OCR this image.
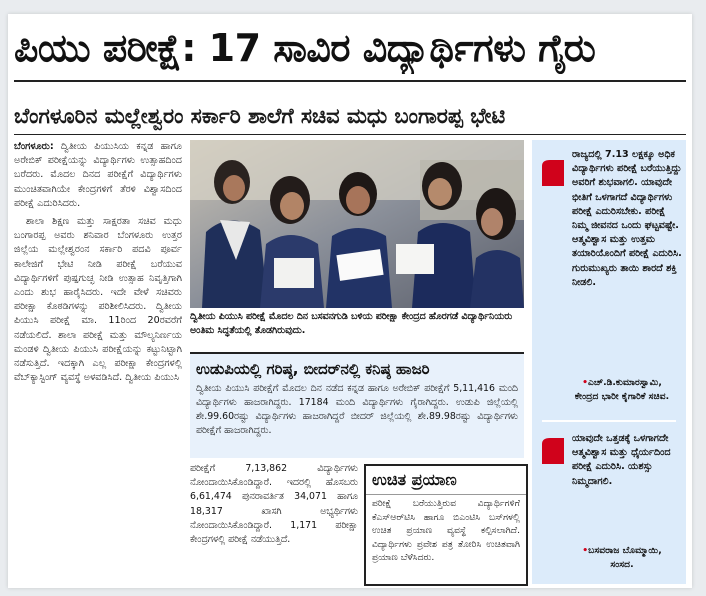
ಪಿಯು ಪರೀಕ್ಷೆ: 17 ಸಾವಿರ ವಿದ್ಯಾರ್ಥಿಗಳು ಗೈರು
ಬೆಂಗಳೂರಿನ ಮಲ್ಲೇಶ್ವರಂ ಸರ್ಕಾರಿ ಶಾಲೆಗೆ ಸಚಿವ ಮಧು ಬಂಗಾರಪ್ಪ ಭೇಟಿ
ಬೆಂಗಳೂರು: ದ್ವಿತೀಯ ಪಿಯುಸಿಯ ಕನ್ನಡ ಹಾಗೂ ಅರೇಬಿಕ್ ಪರೀಕ್ಷೆಯನ್ನು ವಿದ್ಯಾರ್ಥಿಗಳು ಉತ್ಸಾಹದಿಂದ ಬರೆದರು. ಮೊದಲ ದಿನದ ಪರೀಕ್ಷೆಗೆ ವಿದ್ಯಾರ್ಥಿಗಳು ಮುಂಚಿತವಾಗಿಯೇ ಕೇಂದ್ರಗಳಿಗೆ ತೆರಳಿ ವಿಶ್ವಾಸದಿಂದ ಪರೀಕ್ಷೆ ಎದುರಿಸಿದರು.
ಶಾಲಾ ಶಿಕ್ಷಣ ಮತ್ತು ಸಾಕ್ಷರತಾ ಸಚಿವ ಮಧು ಬಂಗಾರಪ್ಪ ಅವರು ಶನಿವಾರ ಬೆಂಗಳೂರು ಉತ್ತರ ಜಿಲ್ಲೆಯ ಮಲ್ಲೇಶ್ವರಂನ ಸರ್ಕಾರಿ ಪದವಿ ಪೂರ್ವ ಕಾಲೇಜಿಗೆ ಭೇಟಿ ನೀಡಿ ಪರೀಕ್ಷೆ ಬರೆಯುವ ವಿದ್ಯಾರ್ಥಿಗಳಿಗೆ ಪುಷ್ಪಗುಚ್ಛ ನೀಡಿ ಉತ್ಸಾಹ ನಿವೃತ್ತಿಗಾಗಿ ಎಂದು ಶುಭ ಹಾರೈಸಿದರು. ಇದೇ ವೇಳೆ ಸಚಿವರು ಪರೀಕ್ಷಾ ಕೊಠಡಿಗಳನ್ನು ಪರಿಶೀಲಿಸಿದರು. ದ್ವಿತೀಯ ಪಿಯುಸಿ ಪರೀಕ್ಷೆ ಮಾ. 11ರಿಂದ 20ರವರೆಗೆ ನಡೆಯಲಿದೆ. ಶಾಲಾ ಪರೀಕ್ಷೆ ಮತ್ತು ಮೌಲ್ಯನಿರ್ಣಯ ಮಂಡಳಿ ದ್ವಿತೀಯ ಪಿಯುಸಿ ಪರೀಕ್ಷೆಯನ್ನು ಕಟ್ಟುನಿಟ್ಟಾಗಿ ನಡೆಸುತ್ತಿದೆ. ಇದಕ್ಕಾಗಿ ಎಲ್ಲ ಪರೀಕ್ಷಾ ಕೇಂದ್ರಗಳಲ್ಲಿ ವೆಬ್‌ಕ್ಯಾಸ್ಟಿಂಗ್ ವ್ಯವಸ್ಥೆ ಅಳವಡಿಸಿದೆ. ದ್ವಿತೀಯ ಪಿಯುಸಿ
ದ್ವಿತೀಯ ಪಿಯುಸಿ ಪರೀಕ್ಷೆ ಮೊದಲ ದಿನ ಬಸವನಗುಡಿ ಬಳಿಯ ಪರೀಕ್ಷಾ ಕೇಂದ್ರದ ಹೊರಗಡೆ ವಿದ್ಯಾರ್ಥಿನಿಯರು ಅಂತಿಮ ಸಿದ್ಧತೆಯಲ್ಲಿ ತೊಡಗಿರುವುದು.
ಉಡುಪಿಯಲ್ಲಿ ಗರಿಷ್ಠ, ಬೀದರ್‌ನಲ್ಲಿ ಕನಿಷ್ಠ ಹಾಜರಿ

ದ್ವಿತೀಯ ಪಿಯುಸಿ ಪರೀಕ್ಷೆಗೆ ಮೊದಲ ದಿನ ನಡೆದ ಕನ್ನಡ ಹಾಗೂ ಅರೇಬಿಕ್ ಪರೀಕ್ಷೆಗೆ 5,11,416 ಮಂದಿ ವಿದ್ಯಾರ್ಥಿಗಳು ಹಾಜರಾಗಿದ್ದರು. 17184 ಮಂದಿ ವಿದ್ಯಾರ್ಥಿಗಳು ಗೈರಾಗಿದ್ದರು. ಉಡುಪಿ ಜಿಲ್ಲೆಯಲ್ಲಿ ಶೇ.99.60ರಷ್ಟು ವಿದ್ಯಾರ್ಥಿಗಳು ಹಾಜರಾಗಿದ್ದರೆ ಬೀದರ್ ಜಿಲ್ಲೆಯಲ್ಲಿ ಶೇ.89.98ರಷ್ಟು ವಿದ್ಯಾರ್ಥಿಗಳು ಪರೀಕ್ಷೆಗೆ ಹಾಜರಾಗಿದ್ದರು.

ಪರೀಕ್ಷೆಗೆ 7,13,862 ವಿದ್ಯಾರ್ಥಿಗಳು ನೋಂದಾಯಿಸಿಕೊಂಡಿದ್ದಾರೆ. ಇದರಲ್ಲಿ ಹೊಸಬರು 6,61,474 ಪುನರಾವರ್ತಿತ 34,071 ಹಾಗೂ 18,317 ಖಾಸಗಿ ಅಭ್ಯರ್ಥಿಗಳು ನೋಂದಾಯಿಸಿಕೊಂಡಿದ್ದಾರೆ. 1,171 ಪರೀಕ್ಷಾ ಕೇಂದ್ರಗಳಲ್ಲಿ ಪರೀಕ್ಷೆ ನಡೆಯುತ್ತಿದೆ.
ಉಚಿತ ಪ್ರಯಾಣ

ಪರೀಕ್ಷೆ ಬರೆಯುತ್ತಿರುವ ವಿದ್ಯಾರ್ಥಿಗಳಿಗೆ ಕೆಎಸ್ಆರ್‌ಟಿಸಿ ಹಾಗೂ ಬಿಎಂಟಿಸಿ ಬಸ್‌ಗಳಲ್ಲಿ ಉಚಿತ ಪ್ರಯಾಣ ವ್ಯವಸ್ಥೆ ಕಲ್ಪಿಸಲಾಗಿದೆ. ವಿದ್ಯಾರ್ಥಿಗಳು ಪ್ರವೇಶ ಪತ್ರ ತೋರಿಸಿ ಉಚಿತವಾಗಿ ಪ್ರಯಾಣ ಬೆಳೆಸಿದರು.

ರಾಜ್ಯದಲ್ಲಿ 7.13 ಲಕ್ಷಕ್ಕೂ ಅಧಿಕ ವಿದ್ಯಾರ್ಥಿಗಳು ಪರೀಕ್ಷೆ ಬರೆಯುತ್ತಿದ್ದು ಅವರಿಗೆ ಶುಭವಾಗಲಿ. ಯಾವುದೇ ಭೀತಿಗೆ ಒಳಗಾಗದೆ ವಿದ್ಯಾರ್ಥಿಗಳು ಪರೀಕ್ಷೆ ಎದುರಿಸಬೇಕು. ಪರೀಕ್ಷೆ ನಿಮ್ಮ ಜೀವನದ ಒಂದು ಘಟ್ಟವಷ್ಟೇ. ಆತ್ಮವಿಶ್ವಾಸ ಮತ್ತು ಉತ್ತಮ ತಯಾರಿಯೊಂದಿಗೆ ಪರೀಕ್ಷೆ ಎದುರಿಸಿ. ಗುರುಮುಖ್ಯರು ತಾಯಿ ಶಾರದೆ ಶಕ್ತಿ ನೀಡಲಿ.
•ಎಚ್.ಡಿ.ಕುಮಾರಸ್ವಾಮಿ,
ಕೇಂದ್ರದ ಭಾರೀ ಕೈಗಾರಿಕೆ ಸಚಿವ.
ಯಾವುದೇ ಒತ್ತಡಕ್ಕೆ ಒಳಗಾಗದೇ ಆತ್ಮವಿಶ್ವಾಸ ಮತ್ತು ಧೈರ್ಯದಿಂದ ಪರೀಕ್ಷೆ ಎದುರಿಸಿ. ಯಶಸ್ಸು ನಿಮ್ಮದಾಗಲಿ.
•ಬಸವರಾಜ ಬೊಮ್ಮಾಯಿ,
ಸಂಸದ.
